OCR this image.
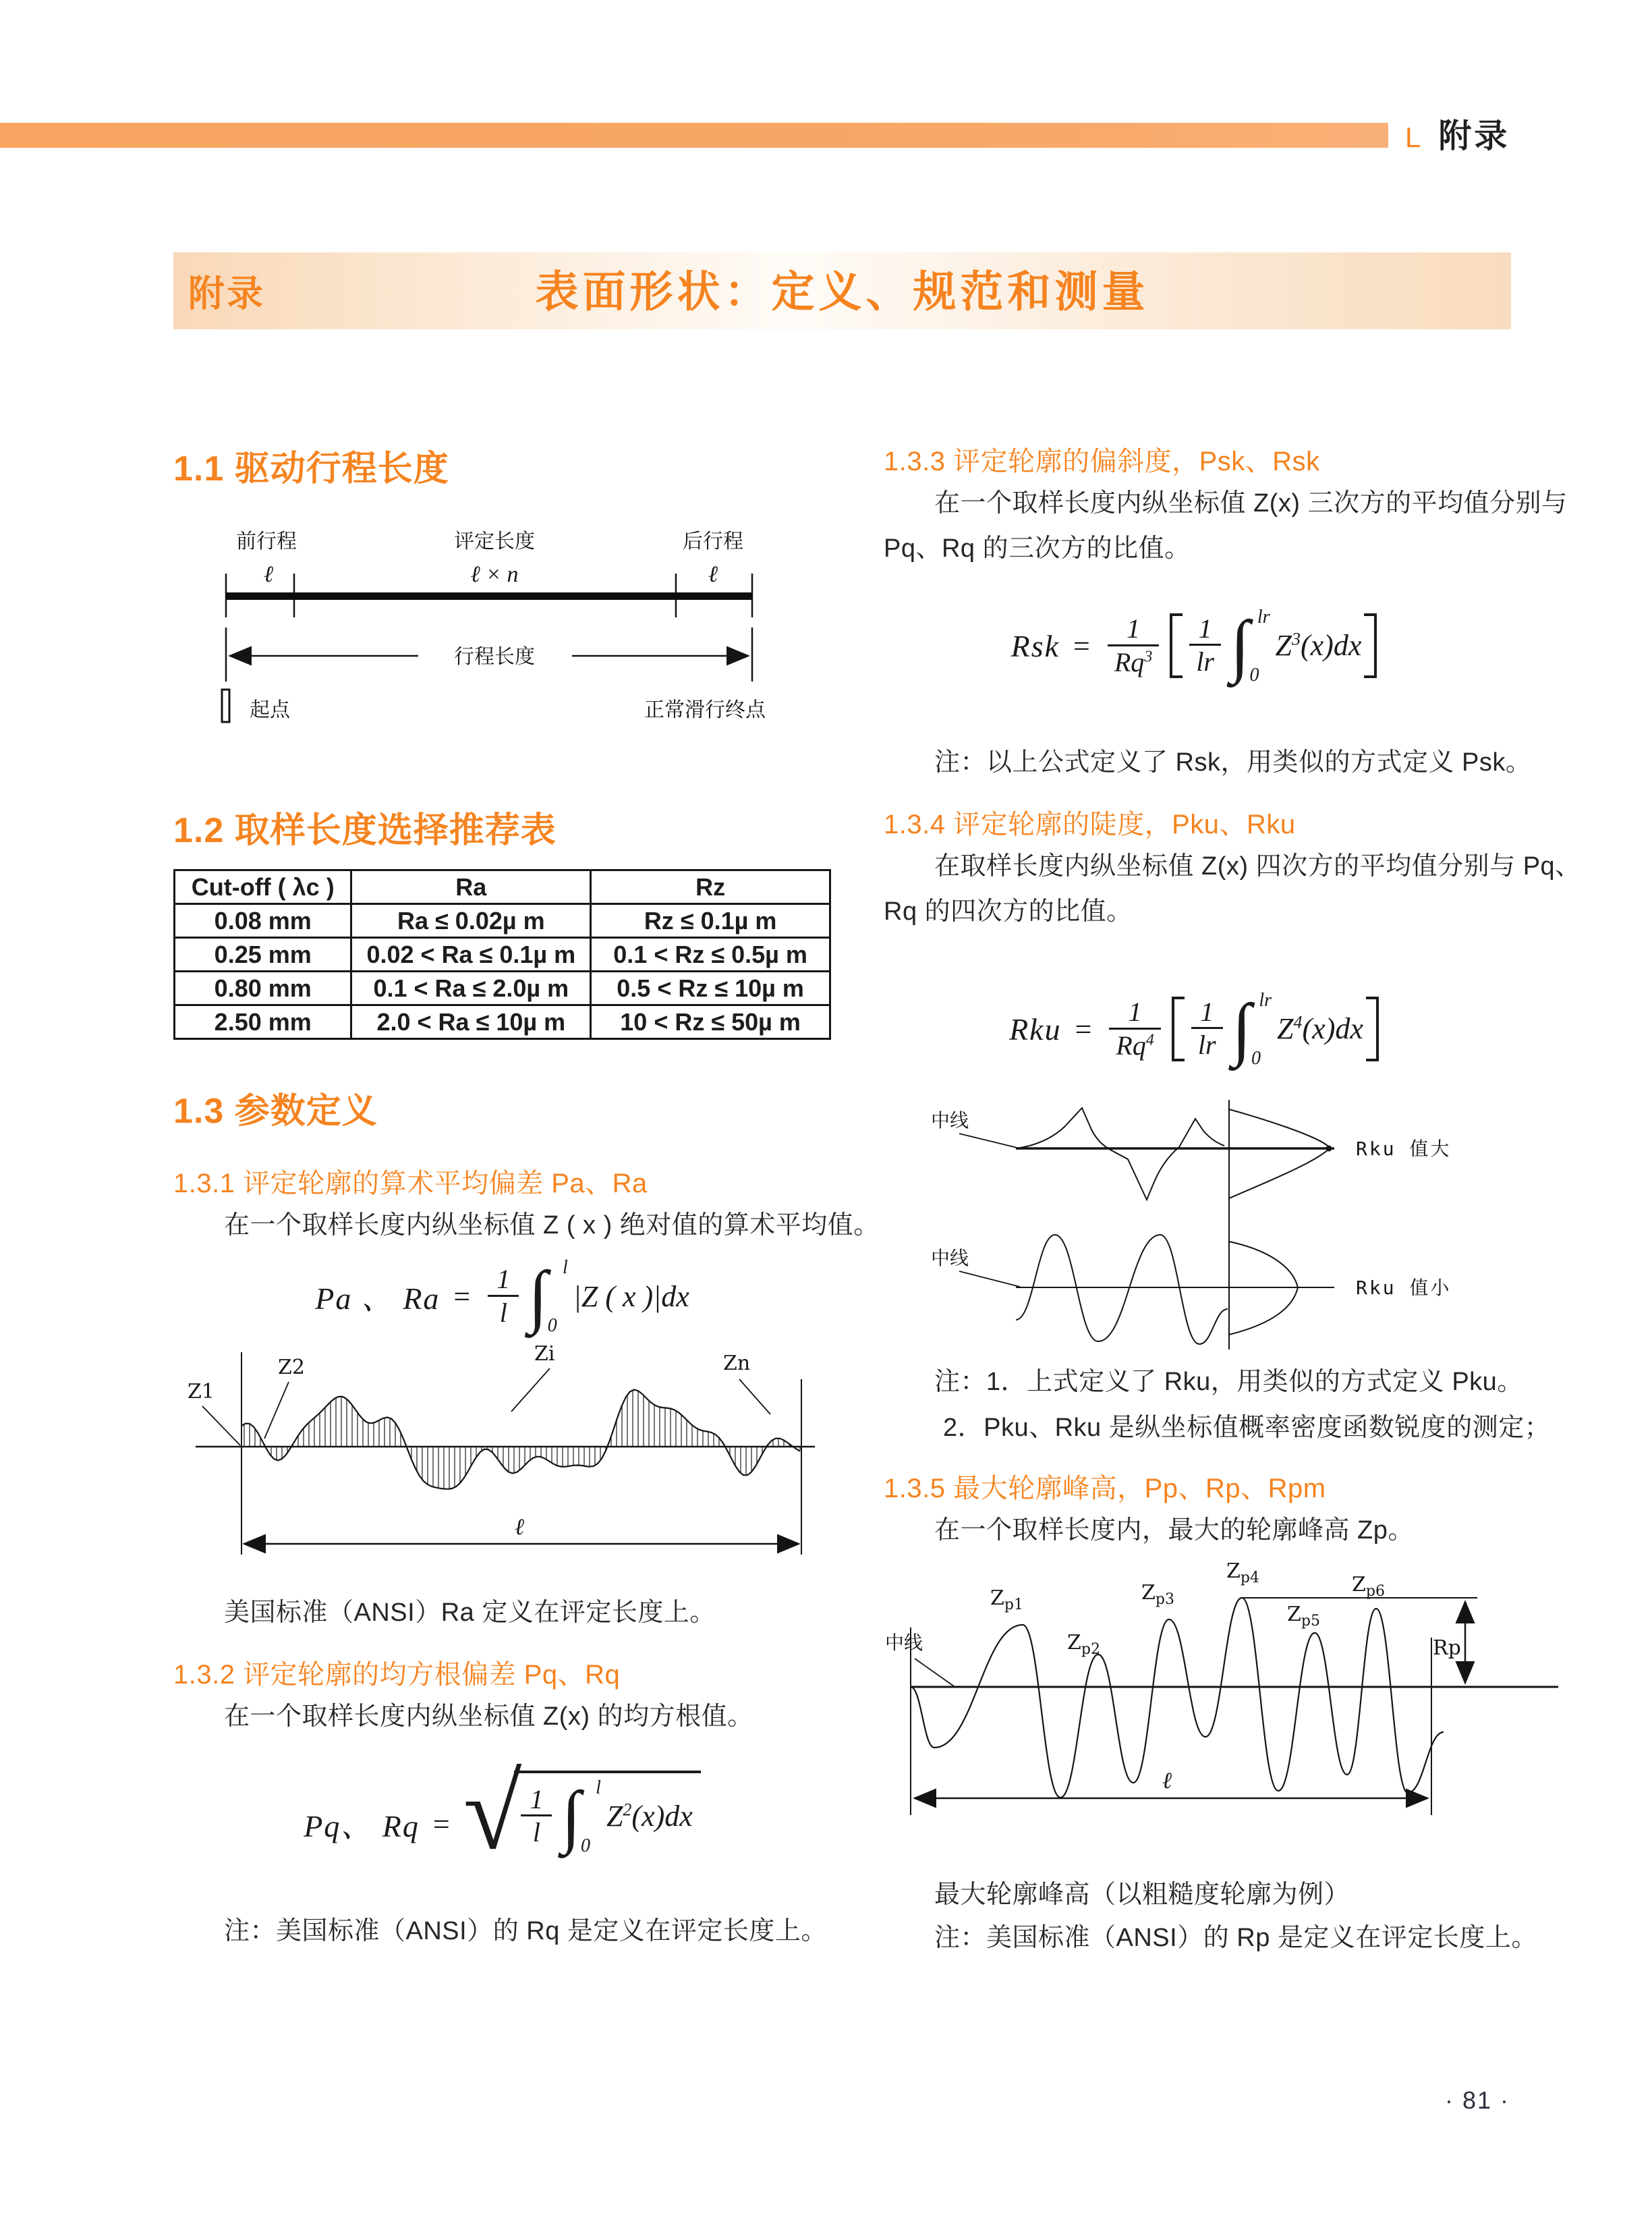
L 附录
附录	表面形状：定义、规范和测量
1.1 驱动行程长度
前行程	评定长度	后行程
ℓ	ℓ × n	ℓ
行程长度
起点	正常滑行终点
1.2 取样长度选择推荐表
Cut-off ( λc )	Ra	Rz
0.08 mm	Ra ≤ 0.02µ m	Rz ≤ 0.1µ m
0.25 mm	0.02 < Ra ≤ 0.1µ m	0.1 < Rz ≤ 0.5µ m
0.80 mm	0.1 < Ra ≤ 2.0µ m	0.5 < Rz ≤ 10µ m
2.50 mm	2.0 < Ra ≤ 10µ m	10 < Rz ≤ 50µ m
1.3 参数定义
1.3.1 评定轮廓的算术平均偏差 Pa、Ra
在一个取样长度内纵坐标值 Z ( x ) 绝对值的算术平均值。
Pa 、 $Ra = \frac{1}{l}$ ∫ l
0
|Z ( x )|dx
Z1
Z2
Zi	Zn
ℓ
美国标准（ANSI）Ra 定义在评定长度上。
1.3.2 评定轮廓的均方根偏差 Pq、Rq
在一个取样长度内纵坐标值 Z(x) 的均方根值。
Pq、 Rq = √ $\frac{1}{l}$ ∫ l
0
$Z^2(x)dx$
注：美国标准（ANSI）的 Rq 是定义在评定长度上。
1.3.3 评定轮廓的偏斜度，Psk、Rsk
在一个取样长度内纵坐标值 Z(x) 三次方的平均值分别与
Pq、Rq 的三次方的比值。
Rsk = $\frac{1}{Rq^3} \frac{1}{lr}$ ∫ lr
0
$Z^3(x)dx$
注：以上公式定义了 Rsk，用类似的方式定义 Psk。
1.3.4 评定轮廓的陡度，Pku、Rku
在取样长度内纵坐标值 Z(x) 四次方的平均值分别与 Pq、
Rq 的四次方的比值。
Rku = $\frac{1}{Rq^4} \frac{1}{lr}$ ∫ lr
0
$Z^4(x)dx$
中线
Rku 值大
中线
Rku 值小
注：1．上式定义了 Rku，用类似的方式定义 Pku。
2．Pku、Rku 是纵坐标值概率密度函数锐度的测定；
1.3.5 最大轮廓峰高，Pp、Rp、Rpm
在一个取样长度内，最大的轮廓峰高 Zp。
Rp
中线
$Z_{p1}$
$Z_{p2}$
$Z_{p3}$
$Z_{p4}$
$Z_{p5}$
$Z_{p6}$
ℓ
最大轮廓峰高（以粗糙度轮廓为例）
注：美国标准（ANSI）的 Rp 是定义在评定长度上。
· 81 ·
